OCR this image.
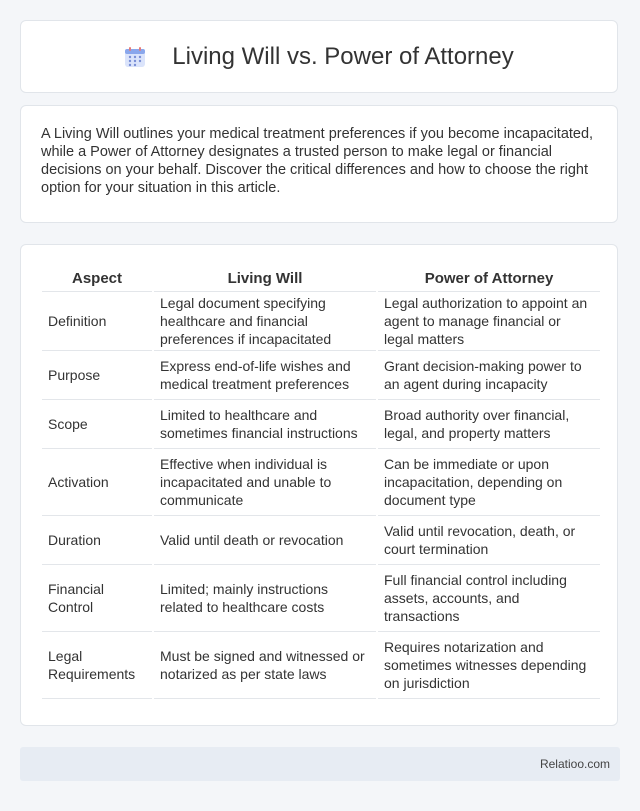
Living Will vs. Power of Attorney

A Living Will outlines your medical treatment preferences if you become incapacitated, while a Power of Attorney designates a trusted person to make legal or financial decisions on your behalf. Discover the critical differences and how to choose the right option for your situation in this article.

Aspect	Living Will	Power of Attorney
Definition	Legal document specifying healthcare and financial preferences if incapacitated	Legal authorization to appoint an agent to manage financial or legal matters
Purpose	Express end-of-life wishes and medical treatment preferences	Grant decision-making power to an agent during incapacity
Scope	Limited to healthcare and sometimes financial instructions	Broad authority over financial, legal, and property matters
Activation	Effective when individual is incapacitated and unable to communicate	Can be immediate or upon incapacitation, depending on document type
Duration	Valid until death or revocation	Valid until revocation, death, or court termination
Financial Control	Limited; mainly instructions related to healthcare costs	Full financial control including assets, accounts, and transactions
Legal Requirements	Must be signed and witnessed or notarized as per state laws	Requires notarization and sometimes witnesses depending on jurisdiction
Relatioo.com
